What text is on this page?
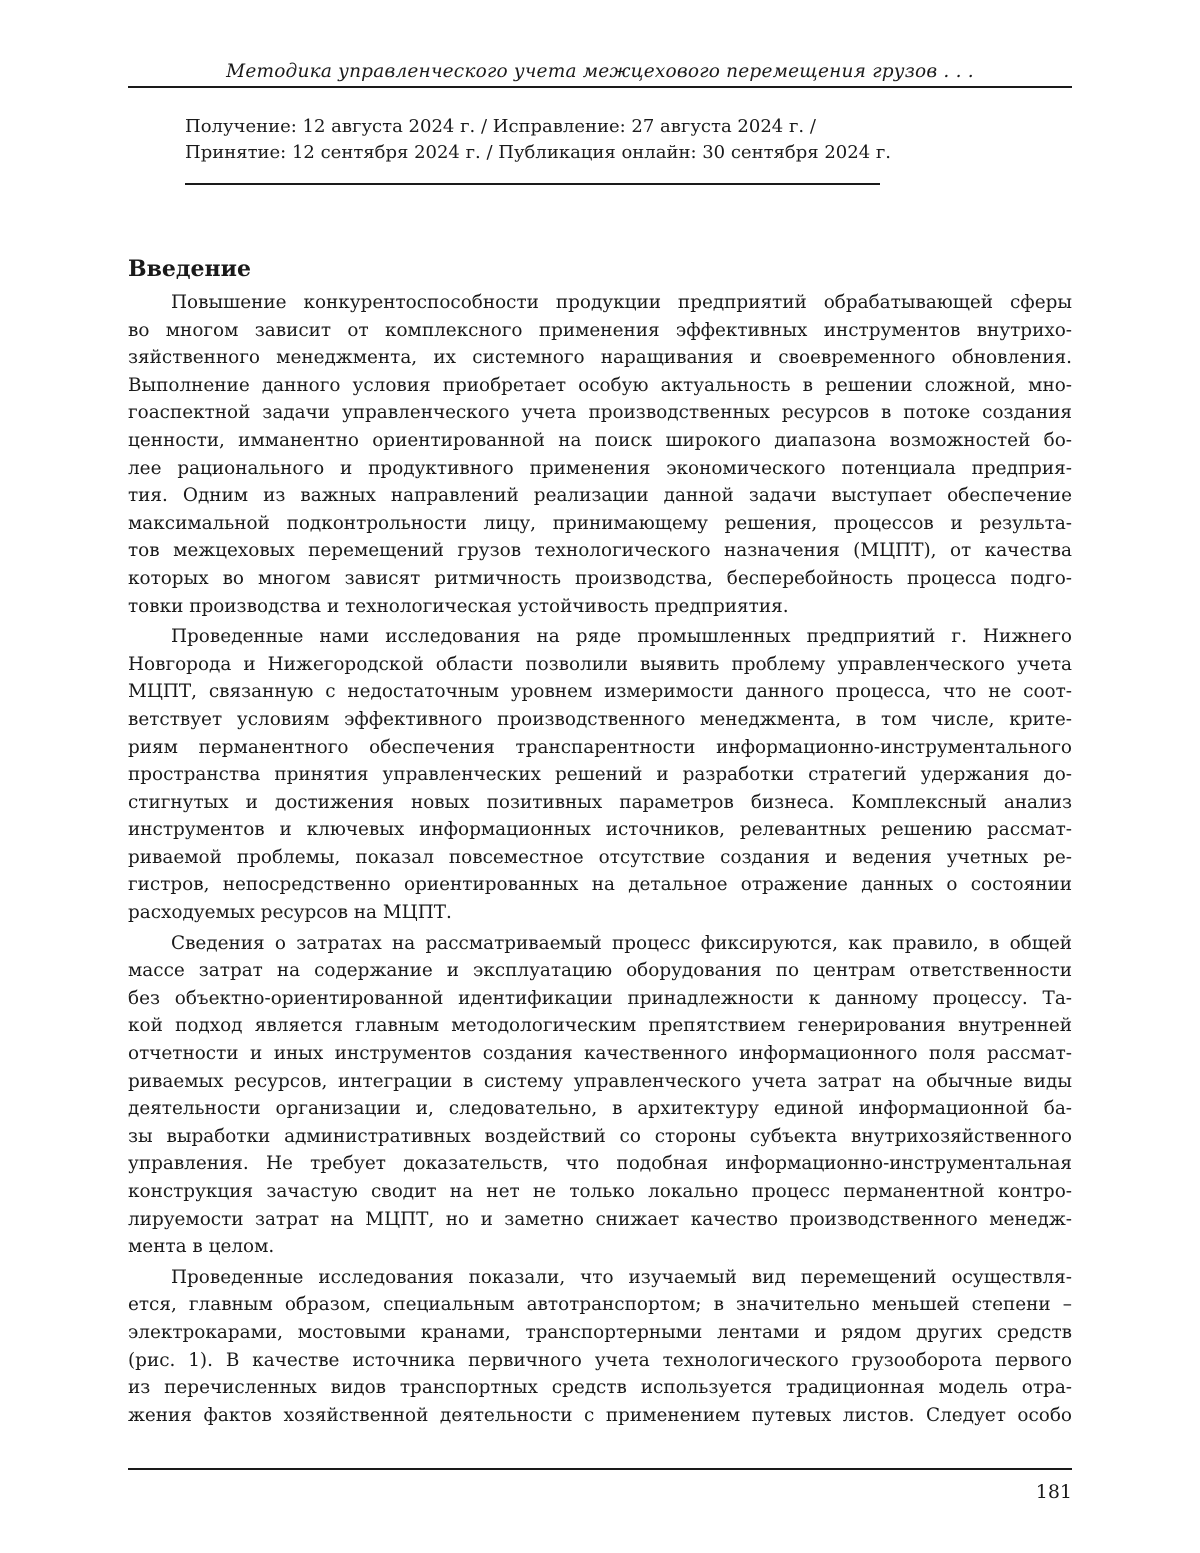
Методика управленческого учета межцехового перемещения грузов . . .
Получение: 12 августа 2024 г. / Исправление: 27 августа 2024 г. /
Принятие: 12 сентября 2024 г. / Публикация онлайн: 30 сентября 2024 г.
Введение
Повышение конкурентоспособности продукции предприятий обрабатывающей сферы
во многом зависит от комплексного применения эффективных инструментов внутрихо-
зяйственного менеджмента, их системного наращивания и своевременного обновления.
Выполнение данного условия приобретает особую актуальность в решении сложной, мно-
гоаспектной задачи управленческого учета производственных ресурсов в потоке создания
ценности, имманентно ориентированной на поиск широкого диапазона возможностей бо-
лее рационального и продуктивного применения экономического потенциала предприя-
тия. Одним из важных направлений реализации данной задачи выступает обеспечение
максимальной подконтрольности лицу, принимающему решения, процессов и результа-
тов межцеховых перемещений грузов технологического назначения (МЦПТ), от качества
которых во многом зависят ритмичность производства, бесперебойность процесса подго-
товки производства и технологическая устойчивость предприятия.
Проведенные нами исследования на ряде промышленных предприятий г. Нижнего
Новгорода и Нижегородской области позволили выявить проблему управленческого учета
МЦПТ, связанную с недостаточным уровнем измеримости данного процесса, что не соот-
ветствует условиям эффективного производственного менеджмента, в том числе, крите-
риям перманентного обеспечения транспарентности информационно-инструментального
пространства принятия управленческих решений и разработки стратегий удержания до-
стигнутых и достижения новых позитивных параметров бизнеса. Комплексный анализ
инструментов и ключевых информационных источников, релевантных решению рассмат-
риваемой проблемы, показал повсеместное отсутствие создания и ведения учетных ре-
гистров, непосредственно ориентированных на детальное отражение данных о состоянии
расходуемых ресурсов на МЦПТ.
Сведения о затратах на рассматриваемый процесс фиксируются, как правило, в общей
массе затрат на содержание и эксплуатацию оборудования по центрам ответственности
без объектно-ориентированной идентификации принадлежности к данному процессу. Та-
кой подход является главным методологическим препятствием генерирования внутренней
отчетности и иных инструментов создания качественного информационного поля рассмат-
риваемых ресурсов, интеграции в систему управленческого учета затрат на обычные виды
деятельности организации и, следовательно, в архитектуру единой информационной ба-
зы выработки административных воздействий со стороны субъекта внутрихозяйственного
управления. Не требует доказательств, что подобная информационно-инструментальная
конструкция зачастую сводит на нет не только локально процесс перманентной контро-
лируемости затрат на МЦПТ, но и заметно снижает качество производственного менедж-
мента в целом.
Проведенные исследования показали, что изучаемый вид перемещений осуществля-
ется, главным образом, специальным автотранспортом; в значительно меньшей степени –
электрокарами, мостовыми кранами, транспортерными лентами и рядом других средств
(рис. 1). В качестве источника первичного учета технологического грузооборота первого
из перечисленных видов транспортных средств используется традиционная модель отра-
жения фактов хозяйственной деятельности с применением путевых листов. Следует особо
181
